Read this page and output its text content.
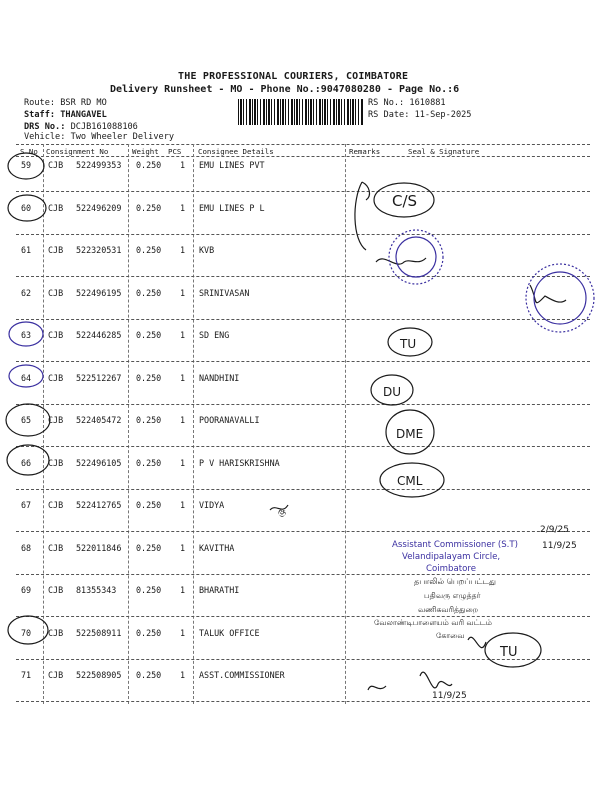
THE PROFESSIONAL COURIERS, COIMBATORE
Delivery Runsheet - MO - Phone No.:9047080280 - Page No.:6
Route: BSR RD MO
Staff: THANGAVEL
DRS No.: DCJB161088106
Vehicle: Two Wheeler Delivery
RS No.: 1610881
RS Date: 11-Sep-2025
S No Consignment No	Weight PCS Consignee Details	Remarks	Seal & Signature
59 CJB 522499353 0.250 1 EMU LINES PVT
60 CJB 522496209 0.250 1 EMU LINES P L
61 CJB 522320531 0.250 1 KVB
62 CJB 522496195 0.250 1 SRINIVASAN
63 CJB 522446285 0.250 1 SD ENG
64 CJB 522512267 0.250 1 NANDHINI
65 CJB 522405472 0.250 1 POORANAVALLI
66 CJB 522496105 0.250 1 P V HARISKRISHNA
67 CJB 522412765 0.250 1 VIDYA
68 CJB 522011846 0.250 1 KAVITHA
69 CJB 81355343 0.250 1 BHARATHI
70 CJB 522508911 0.250 1 TALUK OFFICE
71 CJB 522508905 0.250 1 ASST.COMMISSIONER
C/S
TU
DU
DME
CML
TU
2/9/25
11/9/25
11/9/25
கு
Assistant Commissioner (S.T)
Velandipalayam Circle,
Coimbatore
தபாலில் பெறப்பட்டது
பதிவரு எழுத்தர்
வணிகவரித்துறை
வேலாண்டிபாளையம் வரி வட்டம்
கோவை
